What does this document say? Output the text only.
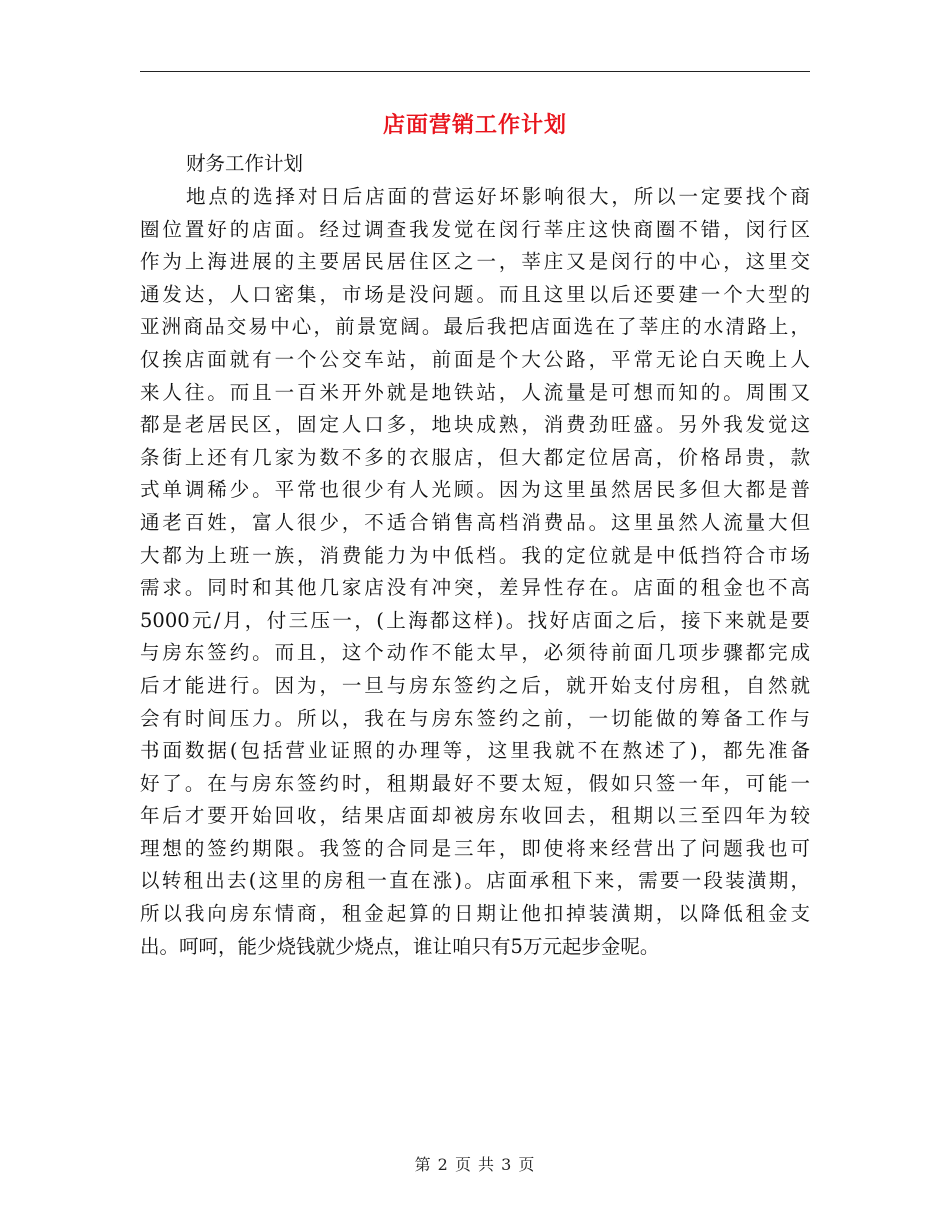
店面营销工作计划
财务工作计划
地点的选择对日后店面的营运好坏影响很大，所以一定要找个商
圈位置好的店面。经过调查我发觉在闵行莘庄这快商圈不错，闵行区
作为上海进展的主要居民居住区之一，莘庄又是闵行的中心，这里交
通发达，人口密集，市场是没问题。而且这里以后还要建一个大型的
亚洲商品交易中心，前景宽阔。最后我把店面选在了莘庄的水清路上，
仅挨店面就有一个公交车站，前面是个大公路，平常无论白天晚上人
来人往。而且一百米开外就是地铁站，人流量是可想而知的。周围又
都是老居民区，固定人口多，地块成熟，消费劲旺盛。另外我发觉这
条街上还有几家为数不多的衣服店，但大都定位居高，价格昂贵，款
式单调稀少。平常也很少有人光顾。因为这里虽然居民多但大都是普
通老百姓，富人很少，不适合销售高档消费品。这里虽然人流量大但
大都为上班一族，消费能力为中低档。我的定位就是中低挡符合市场
需求。同时和其他几家店没有冲突，差异性存在。店面的租金也不高
5000元/月，付三压一，(上海都这样)。找好店面之后，接下来就是要
与房东签约。而且，这个动作不能太早，必须待前面几项步骤都完成
后才能进行。因为，一旦与房东签约之后，就开始支付房租，自然就
会有时间压力。所以，我在与房东签约之前，一切能做的筹备工作与
书面数据(包括营业证照的办理等，这里我就不在熬述了)，都先准备
好了。在与房东签约时，租期最好不要太短，假如只签一年，可能一
年后才要开始回收，结果店面却被房东收回去，租期以三至四年为较
理想的签约期限。我签的合同是三年，即使将来经营出了问题我也可
以转租出去(这里的房租一直在涨)。店面承租下来，需要一段装潢期，
所以我向房东情商，租金起算的日期让他扣掉装潢期，以降低租金支
出。呵呵，能少烧钱就少烧点，谁让咱只有5万元起步金呢。
第 2 页 共 3 页
